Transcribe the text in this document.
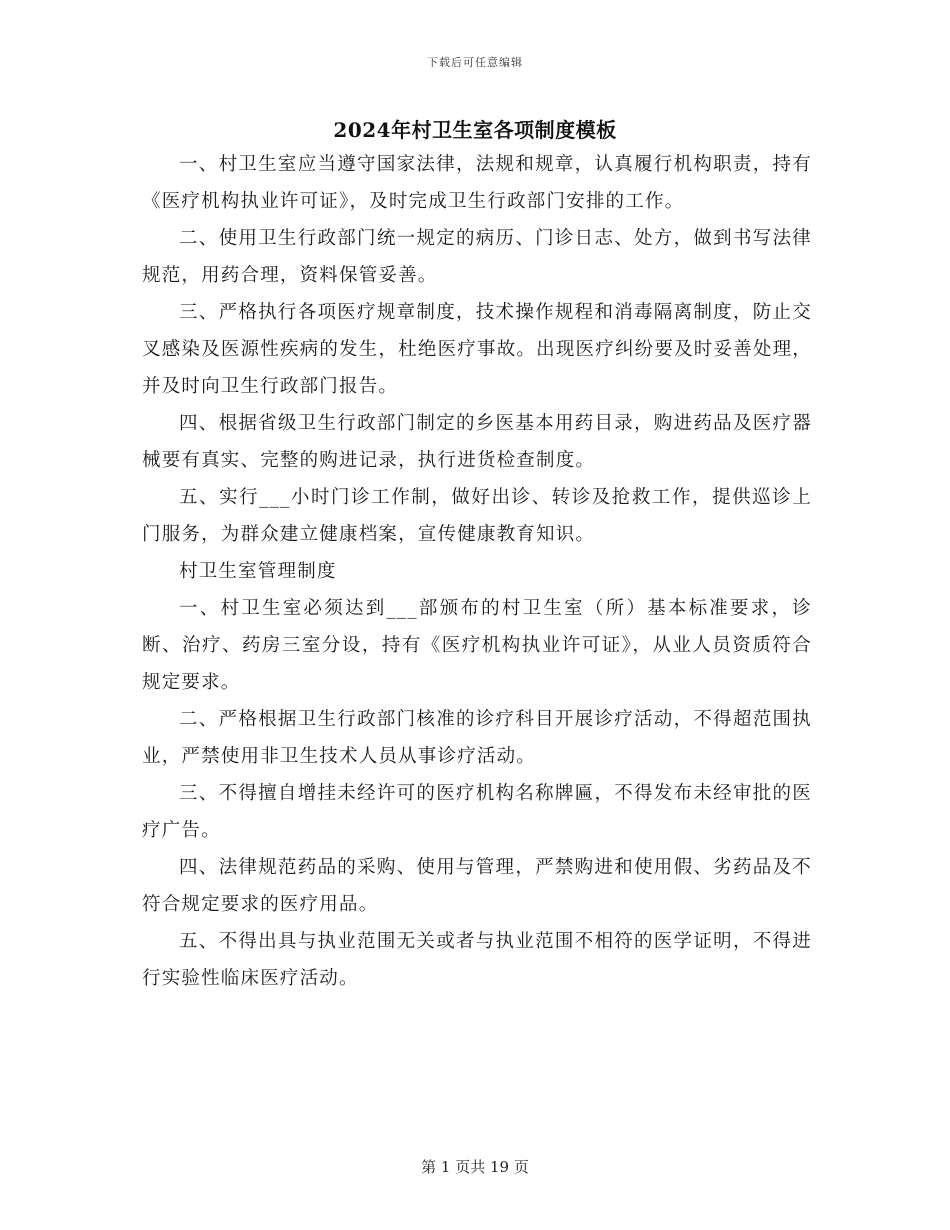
下载后可任意编辑
2024年村卫生室各项制度模板

一、村卫生室应当遵守国家法律，法规和规章，认真履行机构职责，持有《医疗机构执业许可证》，及时完成卫生行政部门安排的工作。

二、使用卫生行政部门统一规定的病历、门诊日志、处方，做到书写法律规范，用药合理，资料保管妥善。

三、严格执行各项医疗规章制度，技术操作规程和消毒隔离制度，防止交叉感染及医源性疾病的发生，杜绝医疗事故。出现医疗纠纷要及时妥善处理，并及时向卫生行政部门报告。

四、根据省级卫生行政部门制定的乡医基本用药目录，购进药品及医疗器械要有真实、完整的购进记录，执行进货检查制度。

五、实行___小时门诊工作制，做好出诊、转诊及抢救工作，提供巡诊上门服务，为群众建立健康档案，宣传健康教育知识。

村卫生室管理制度

一、村卫生室必须达到___部颁布的村卫生室（所）基本标准要求，诊断、治疗、药房三室分设，持有《医疗机构执业许可证》，从业人员资质符合规定要求。

二、严格根据卫生行政部门核准的诊疗科目开展诊疗活动，不得超范围执业，严禁使用非卫生技术人员从事诊疗活动。

三、不得擅自增挂未经许可的医疗机构名称牌匾，不得发布未经审批的医疗广告。

四、法律规范药品的采购、使用与管理，严禁购进和使用假、劣药品及不符合规定要求的医疗用品。

五、不得出具与执业范围无关或者与执业范围不相符的医学证明，不得进行实验性临床医疗活动。

第 1 页共 19 页
